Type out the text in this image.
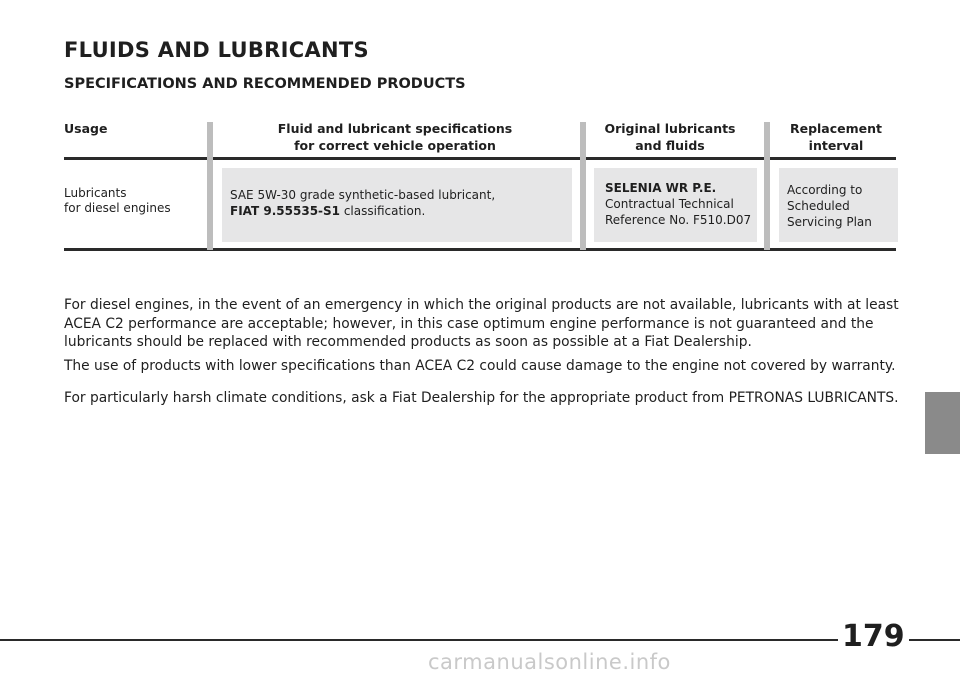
FLUIDS AND LUBRICANTS
SPECIFICATIONS AND RECOMMENDED PRODUCTS
Usage	Fluid and lubricant specifications
for correct vehicle operation
Original lubricants
and fluids
Replacement
interval
Lubricants
for diesel engines
SAE 5W-30 grade synthetic-based lubricant,
FIAT 9.55535-S1 classification.
SELENIA WR P.E.
Contractual Technical
Reference No. F510.D07
According to
Scheduled
Servicing Plan
For diesel engines, in the event of an emergency in which the original products are not available, lubricants with at least ACEA C2 performance are acceptable; however, in this case optimum engine performance is not guaranteed and the lubricants should be replaced with recommended products as soon as possible at a Fiat Dealership.
The use of products with lower specifications than ACEA C2 could cause damage to the engine not covered by warranty.
For particularly harsh climate conditions, ask a Fiat Dealership for the appropriate product from PETRONAS LUBRICANTS.
179
carmanualsonline.info
